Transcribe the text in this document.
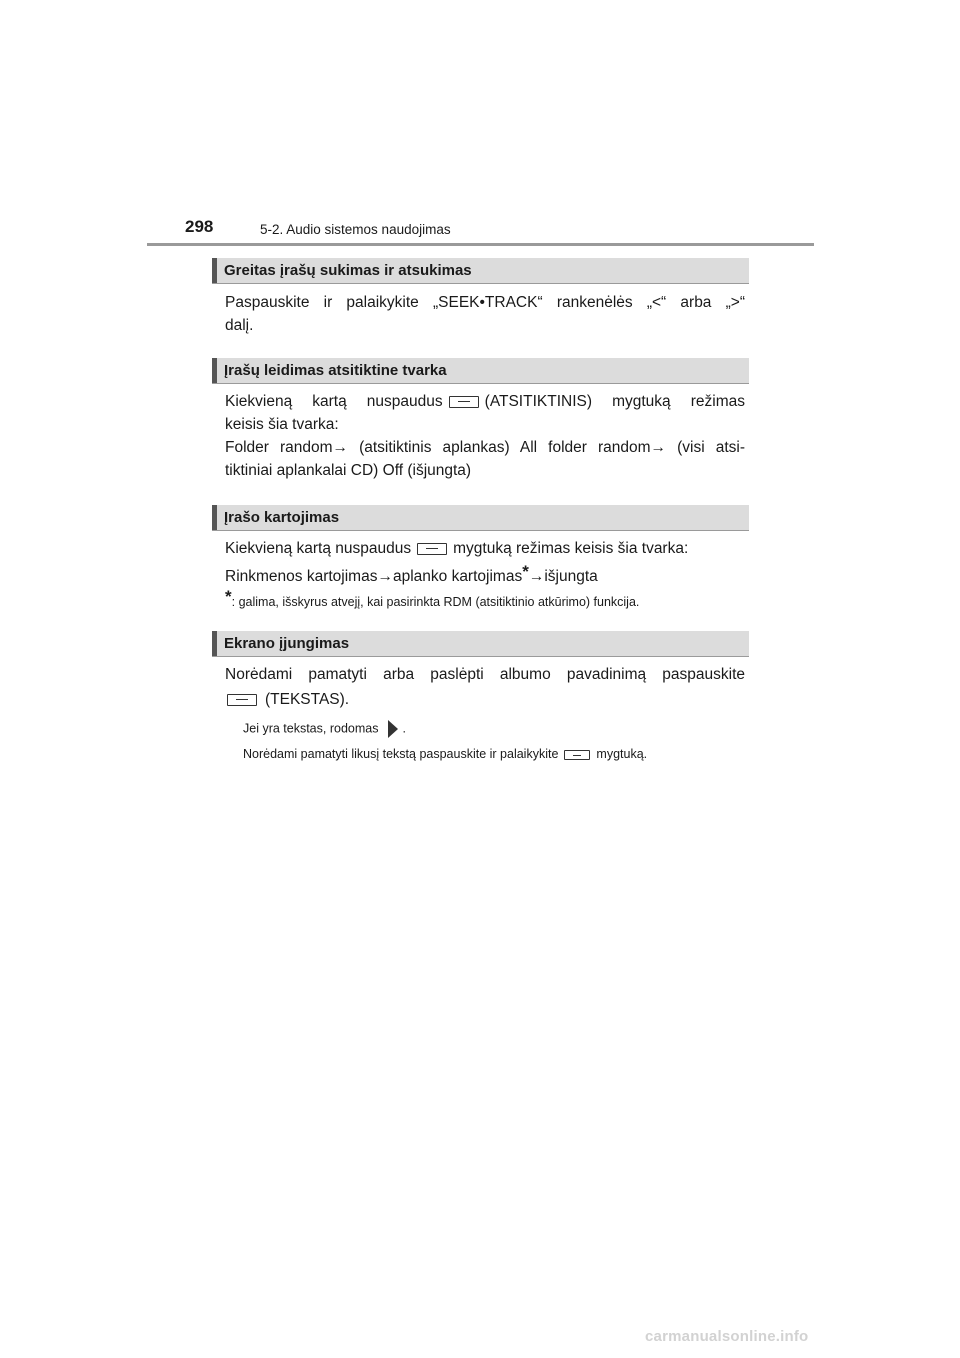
298	5-2. Audio sistemos naudojimas
Greitas įrašų sukimas ir atsukimas

Paspauskite ir palaikykite „SEEK•TRACK“ rankenėlės „<“ arba „>“
dalį.

Įrašų leidimas atsitiktine tvarka

Kiekvieną kartą nuspaudus	(ATSITIKTINIS) mygtuką režimas
keisis šia tvarka:
Folder random→ (atsitiktinis aplankas) All folder random→ (visi atsi-
tiktiniai aplankalai CD) Off (išjungta)

Įrašo kartojimas

Kiekvieną kartą nuspaudus	mygtuką režimas keisis šia tvarka:
Rinkmenos kartojimas→aplanko kartojimas*→išjungta

*: galima, išskyrus atvejį, kai pasirinkta RDM (atsitiktinio atkūrimo) funkcija.
Ekrano įjungimas

Norėdami pamatyti arba paslėpti albumo pavadinimą paspauskite
(TEKSTAS).

Jei yra tekstas, rodomas .
Norėdami pamatyti likusį tekstą paspauskite ir palaikykite	mygtuką.
carmanualsonline.info
